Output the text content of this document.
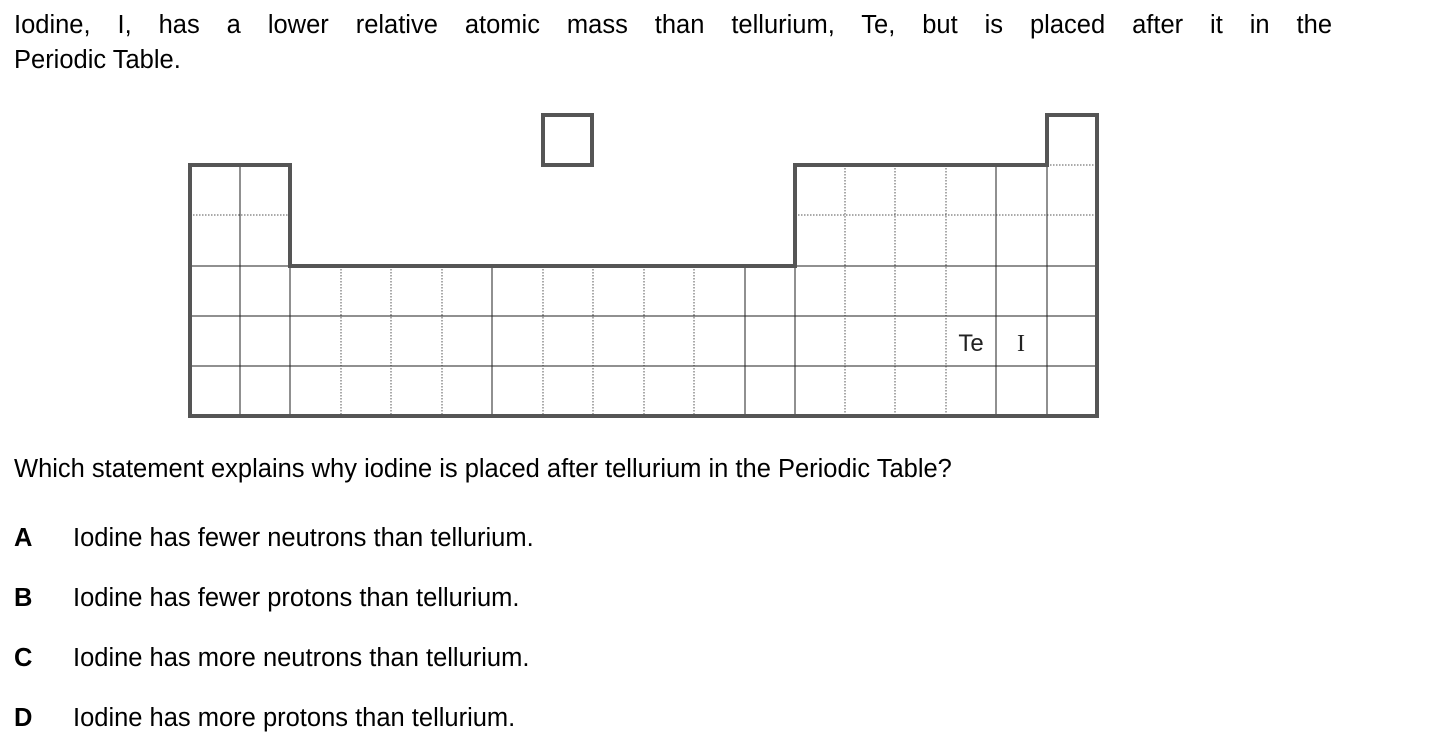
Iodine, I, has a lower relative atomic mass than tellurium, Te, but is placed after it in the
Periodic Table.

Te I

Which statement explains why iodine is placed after tellurium in the Periodic Table?

A	Iodine has fewer neutrons than tellurium.
B	Iodine has fewer protons than tellurium.
C	Iodine has more neutrons than tellurium.
D	Iodine has more protons than tellurium.
